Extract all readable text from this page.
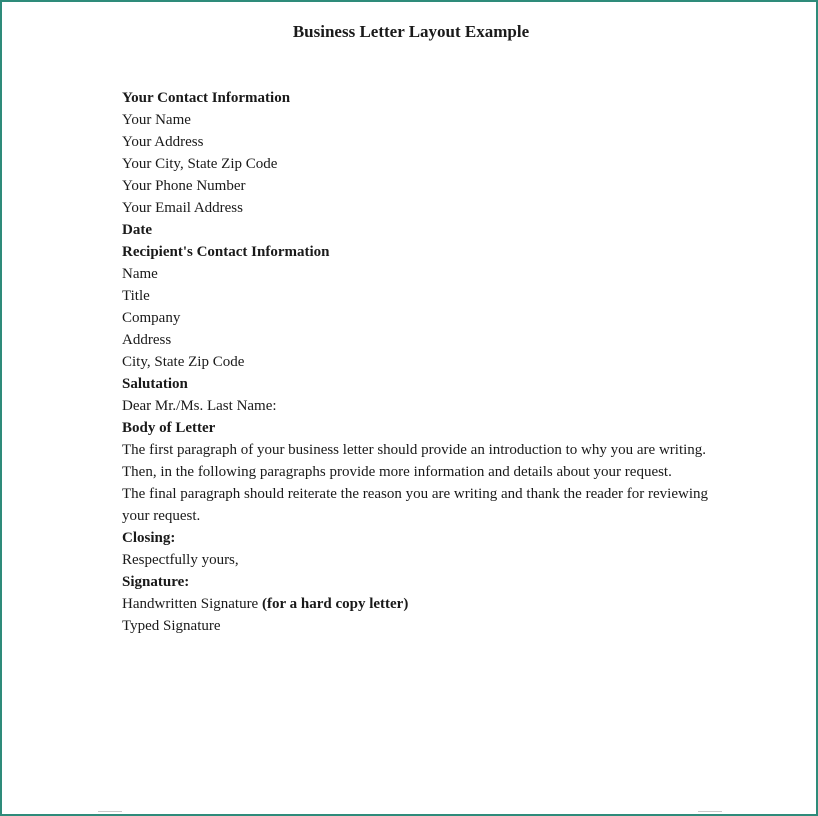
Business Letter Layout Example
Your Contact Information
Your Name
Your Address
Your City, State Zip Code
Your Phone Number
Your Email Address
Date
Recipient's Contact Information
Name
Title
Company
Address
City, State Zip Code
Salutation
Dear Mr./Ms. Last Name:
Body of Letter
The first paragraph of your business letter should provide an introduction to why you are writing.
Then, in the following paragraphs provide more information and details about your request.
The final paragraph should reiterate the reason you are writing and thank the reader for reviewing your request.
Closing:
Respectfully yours,
Signature:
Handwritten Signature (for a hard copy letter)
Typed Signature
